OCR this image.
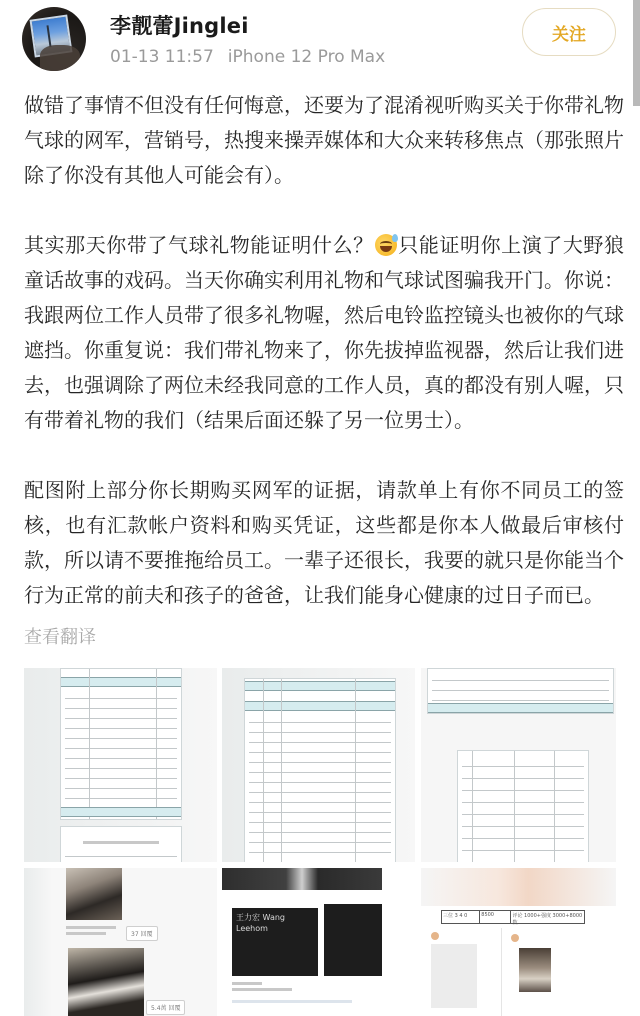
李靓蕾Jinglei
01-13 11:57 iPhone 12 Pro Max
关注

做错了事情不但没有任何悔意，还要为了混淆视听购买关于你带礼物气球的网军，营销号，热搜来操弄媒体和大众来转移焦点（那张照片除了你没有其他人可能会有）。

其实那天你带了气球礼物能证明什么？ 只能证明你上演了大野狼童话故事的戏码。当天你确实利用礼物和气球试图骗我开门。你说：我跟两位工作人员带了很多礼物喔，然后电铃监控镜头也被你的气球遮挡。你重复说：我们带礼物来了，你先拔掉监视器，然后让我们进去，也强调除了两位未经我同意的工作人员，真的都没有别人喔，只有带着礼物的我们（结果后面还躲了另一位男士）。

配图附上部分你长期购买网军的证据，请款单上有你不同员工的签核，也有汇款帐户资料和购买凭证，这些都是你本人做最后审核付款，所以请不要推拖给员工。一辈子还很长，我要的就只是你能当个行为正常的前夫和孩子的爸爸，让我们能身心健康的过日子而已。

查看翻译
37 回覆
5.4萬 回覆
王力宏 Wang Leehom
三位 3 4 0	8500	评论 1000+强度 3000+8000 数
